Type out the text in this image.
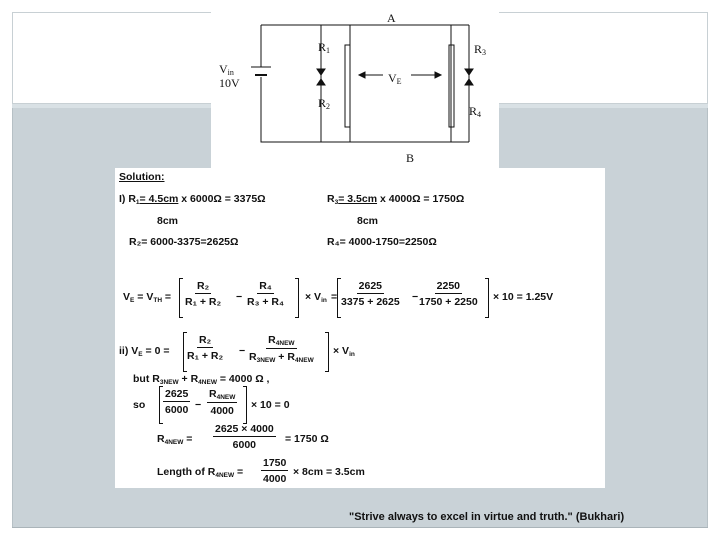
A
B
$V_{in}$
10V
$R_1$
$R_2$
$R_3$
$R_4$
$V_E$
Solution:
I) $R_1= 4.5cm$ x 6000Ω = 3375Ω
8cm
$R_3= 3.5cm$ x 4000Ω = 1750Ω
8cm
R₂= 6000-3375=2625Ω	R₄= 4000-1750=2250Ω
$V_E = V_{TH} = \frac{\text{R₂}}{\text{R₁ + R₂}} - \frac{\text{R₄}}{\text{R₃ + R₄}} \times V_{in} = \frac{2625}{3375 + 2625} - \frac{2250}{1750 + 2250} \times 10 = 1.25V$
ii) $V_E = 0 = \frac{\text{R₂}}{\text{R₁ + R₂}}$ −
$R_{4NEW}$
$R_{3NEW} + R_{4NEW}$
× $V_{in}$
but $R_{3NEW} + R_{4NEW} = 4000$ Ω ,
so $\frac{2625}{6000}$ −
$R_{4NEW}$
4000 × 10 = 0
$R_{4NEW} = \frac{2625 \times 4000}{6000} = 1750$ Ω
Length of $R_{4NEW} = \frac{1750}{4000} \times 8cm = 3.5cm$
"Strive always to excel in virtue and truth." (Bukhari)
